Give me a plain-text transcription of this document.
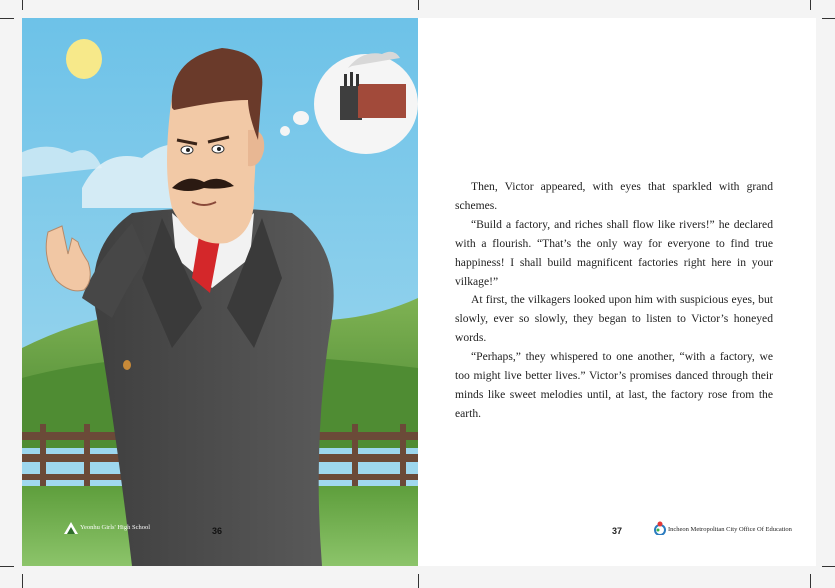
Yeonhu Girls' High School	36

Then, Victor appeared, with eyes that sparkled with grand schemes.

“Build a factory, and riches shall flow like rivers!” he declared with a flourish. “That’s the only way for everyone to find true happiness! I shall build magnificent factories right here in your vilkage!”

At first, the vilkagers looked upon him with suspicious eyes, but slowly, ever so slowly, they began to listen to Victor’s honeyed words.

“Perhaps,” they whispered to one another, “with a factory, we too might live better lives.” Victor’s promises danced through their minds like sweet melodies until, at last, the factory rose from the earth.

37	Incheon Metropolitan City Office Of Education
